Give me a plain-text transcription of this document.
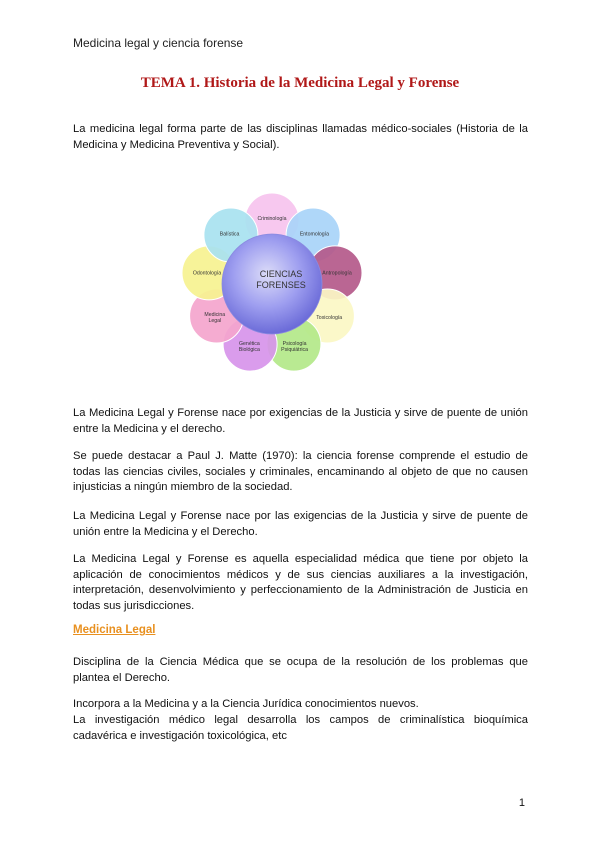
Medicina legal y ciencia forense
TEMA 1. Historia de la Medicina Legal y Forense

La medicina legal forma parte de las disciplinas llamadas médico-sociales (Historia de la Medicina y Medicina Preventiva y Social).

CIENCIAS
FORENSES
Criminología
Entomología
Antropología
Toxicología
Psicología Psiquiátrica
Genética Biológica
Medicina Legal
Odontología
Balística

La Medicina Legal y Forense nace por exigencias de la Justicia y sirve de puente de unión entre la Medicina y el derecho.

Se puede destacar a Paul J. Matte (1970): la ciencia forense comprende el estudio de todas las ciencias civiles, sociales y criminales, encaminando al objeto de que no causen injusticias a ningún miembro de la sociedad.

La Medicina Legal y Forense nace por las exigencias de la Justicia y sirve de puente de unión entre la Medicina y el Derecho.

La Medicina Legal y Forense es aquella especialidad médica que tiene por objeto la aplicación de conocimientos médicos y de sus ciencias auxiliares a la investigación, interpretación, desenvolvimiento y perfeccionamiento de la Administración de Justicia en todas sus jurisdicciones.

Medicina Legal

Disciplina de la Ciencia Médica que se ocupa de la resolución de los problemas que plantea el Derecho.

Incorpora a la Medicina y a la Ciencia Jurídica conocimientos nuevos.

La investigación médico legal desarrolla los campos de criminalística bioquímica cadavérica e investigación toxicológica, etc

1
